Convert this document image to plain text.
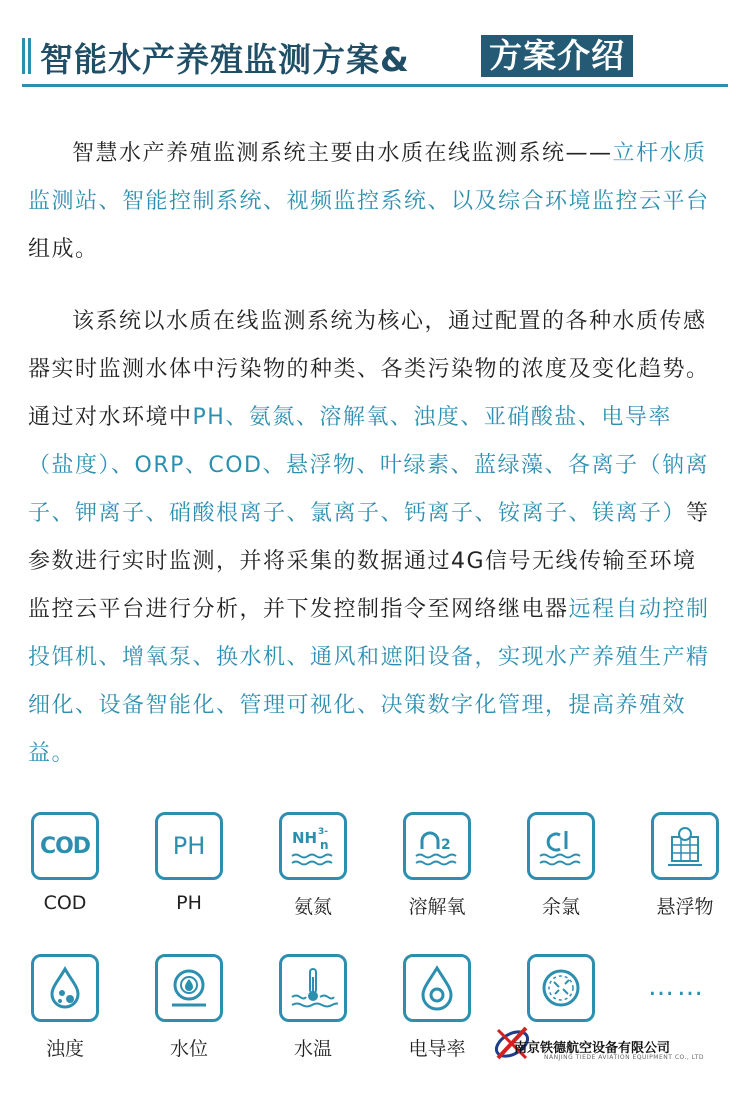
智能水产养殖监测方案& 方案介绍

智慧水产养殖监测系统主要由水质在线监测系统——立杆水质监测站、智能控制系统、视频监控系统、以及综合环境监控云平台组成。

该系统以水质在线监测系统为核心，通过配置的各种水质传感器实时监测水体中污染物的种类、各类污染物的浓度及变化趋势。通过对水环境中PH、氨氮、溶解氧、浊度、亚硝酸盐、电导率（盐度）、ORP、COD、悬浮物、叶绿素、蓝绿藻、各离子（钠离子、钾离子、硝酸根离子、氯离子、钙离子、铵离子、镁离子）等参数进行实时监测，并将采集的数据通过4G信号无线传输至环境监控云平台进行分析，并下发控制指令至网络继电器远程自动控制投饵机、增氧泵、换水机、通风和遮阳设备，实现水产养殖生产精细化、设备智能化、管理可视化、决策数字化管理，提高养殖效益。

COD
COD
PH
PH
NH 3-
n
氨氮
2
溶解氧	余氯	悬浮物
浊度	水位	水温	电导率
……
南京铁德航空设备有限公司
NANJING TIEDE AVIATION EQUIPMENT CO., LTD
